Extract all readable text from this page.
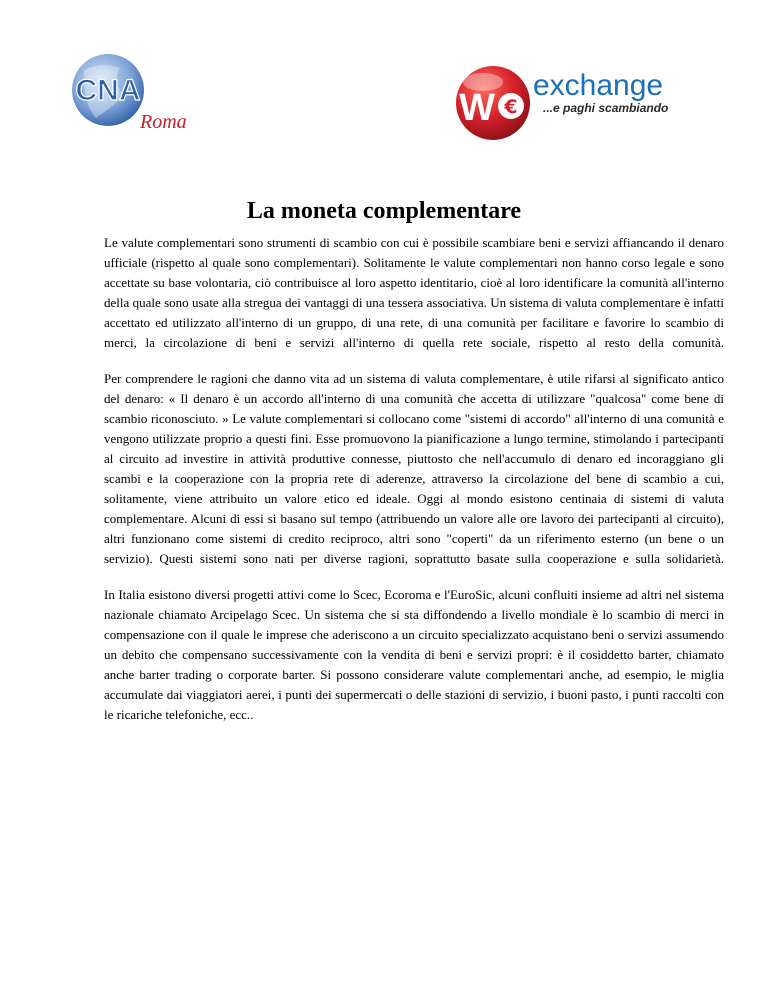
CNA
Roma	W €
exchange
...e paghi scambiando
La moneta complementare

Le valute complementari sono strumenti di scambio con cui è possibile scambiare beni e servizi affiancando il denaro ufficiale (rispetto al quale sono complementari). Solitamente le valute complementari non hanno corso legale e sono accettate su base volontaria, ciò contribuisce al loro aspetto identitario, cioè al loro identificare la comunità all'interno della quale sono usate alla stregua dei vantaggi di una tessera associativa. Un sistema di valuta complementare è infatti accettato ed utilizzato all'interno di un gruppo, di una rete, di una comunità per facilitare e favorire lo scambio di merci, la circolazione di beni e servizi all'interno di quella rete sociale, rispetto al resto della comunità.

Per comprendere le ragioni che danno vita ad un sistema di valuta complementare, è utile rifarsi al significato antico del denaro: « Il denaro è un accordo all'interno di una comunità che accetta di utilizzare "qualcosa" come bene di scambio riconosciuto. » Le valute complementari si collocano come "sistemi di accordo" all'interno di una comunità e vengono utilizzate proprio a questi fini. Esse promuovono la pianificazione a lungo termine, stimolando i partecipanti al circuito ad investire in attività produttive connesse, piuttosto che nell'accumulo di denaro ed incoraggiano gli scambi e la cooperazione con la propria rete di aderenze, attraverso la circolazione del bene di scambio a cui, solitamente, viene attribuito un valore etico ed ideale. Oggi al mondo esistono centinaia di sistemi di valuta complementare. Alcuni di essi si basano sul tempo (attribuendo un valore alle ore lavoro dei partecipanti al circuito), altri funzionano come sistemi di credito reciproco, altri sono "coperti" da un riferimento esterno (un bene o un servizio). Questi sistemi sono nati per diverse ragioni, soprattutto basate sulla cooperazione e sulla solidarietà.

In Italia esistono diversi progetti attivi come lo Scec, Ecoroma e l'EuroSic, alcuni confluiti insieme ad altri nel sistema nazionale chiamato Arcipelago Scec. Un sistema che si sta diffondendo a livello mondiale è lo scambio di merci in compensazione con il quale le imprese che aderiscono a un circuito specializzato acquistano beni o servizi assumendo un debito che compensano successivamente con la vendita di beni e servizi propri: è il cosiddetto barter, chiamato anche barter trading o corporate barter. Si possono considerare valute complementari anche, ad esempio, le miglia accumulate dai viaggiatori aerei, i punti dei supermercati o delle stazioni di servizio, i buoni pasto, i punti raccolti con le ricariche telefoniche, ecc..
